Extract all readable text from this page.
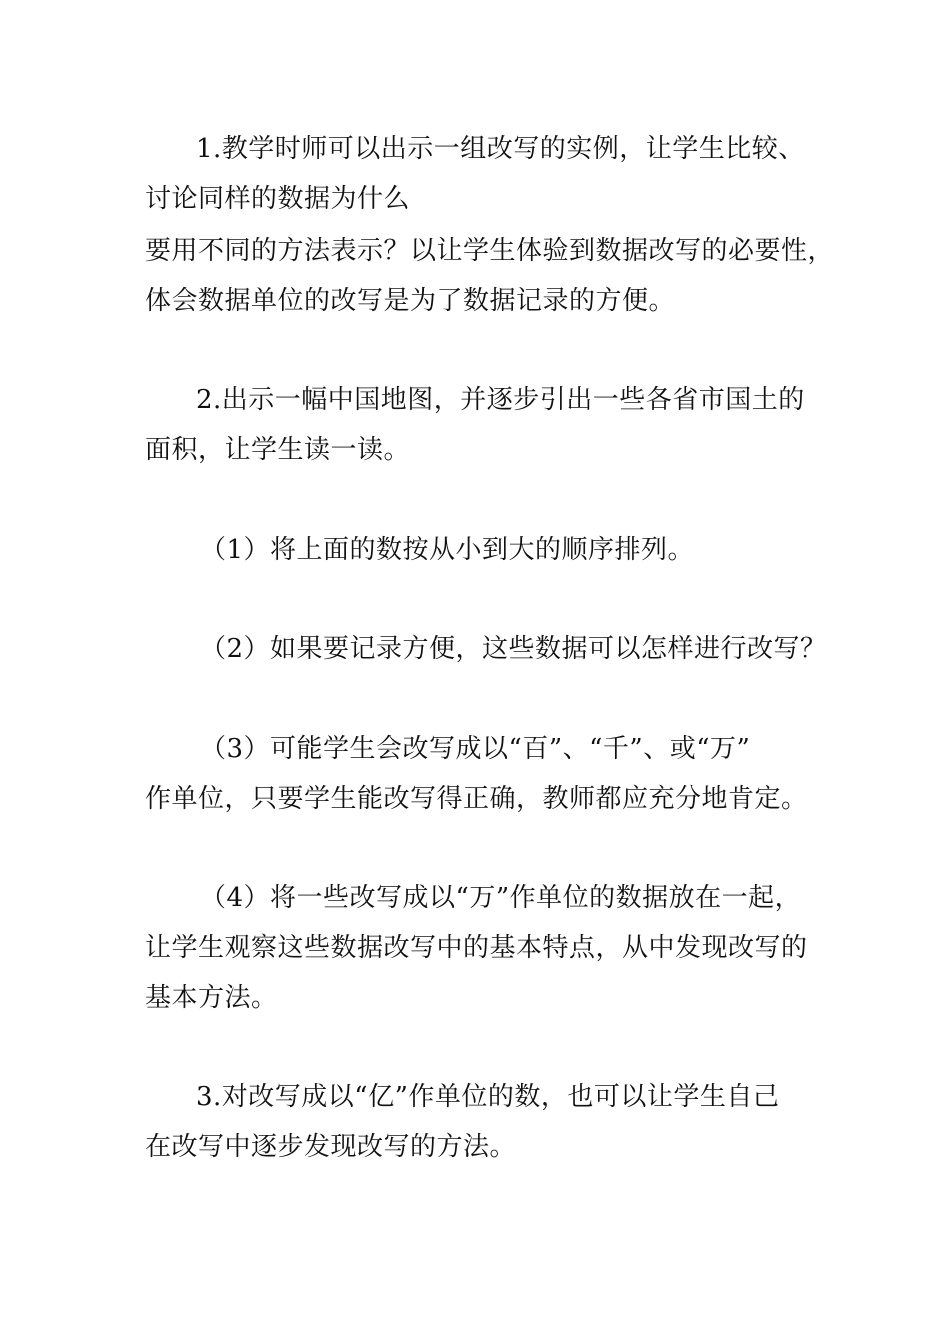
1.教学时师可以出示一组改写的实例，让学生比较、
讨论同样的数据为什么
要用不同的方法表示？以让学生体验到数据改写的必要性，
体会数据单位的改写是为了数据记录的方便。
2.出示一幅中国地图，并逐步引出一些各省市国土的
面积，让学生读一读。
（1）将上面的数按从小到大的顺序排列。
（2）如果要记录方便，这些数据可以怎样进行改写？
（3）可能学生会改写成以“百”、“千”、或“万”
作单位，只要学生能改写得正确，教师都应充分地肯定。
（4）将一些改写成以“万”作单位的数据放在一起，
让学生观察这些数据改写中的基本特点，从中发现改写的
基本方法。
3.对改写成以“亿”作单位的数，也可以让学生自己
在改写中逐步发现改写的方法。
